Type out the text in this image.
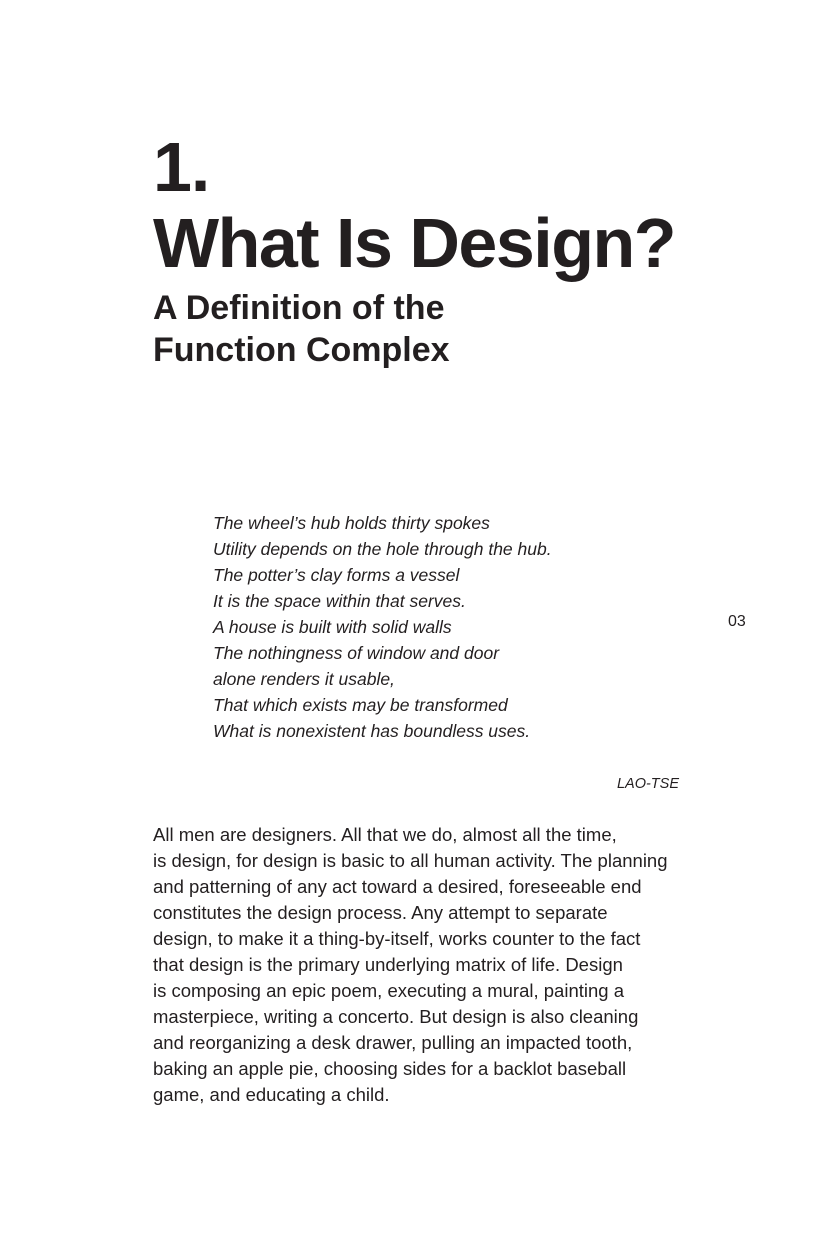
1.
What Is Design?
A Definition of the
Function Complex
The wheel’s hub holds thirty spokes
Utility depends on the hole through the hub.
The potter’s clay forms a vessel
It is the space within that serves.
A house is built with solid walls
The nothingness of window and door
alone renders it usable,
That which exists may be transformed
What is nonexistent has boundless uses.
03
LAO-TSE
All men are designers. All that we do, almost all the time,
is design, for design is basic to all human activity. The planning
and patterning of any act toward a desired, foreseeable end
constitutes the design process. Any attempt to separate
design, to make it a thing-by-itself, works counter to the fact
that design is the primary underlying matrix of life. Design
is composing an epic poem, executing a mural, painting a
masterpiece, writing a concerto. But design is also cleaning
and reorganizing a desk drawer, pulling an impacted tooth,
baking an apple pie, choosing sides for a backlot baseball
game, and educating a child.
